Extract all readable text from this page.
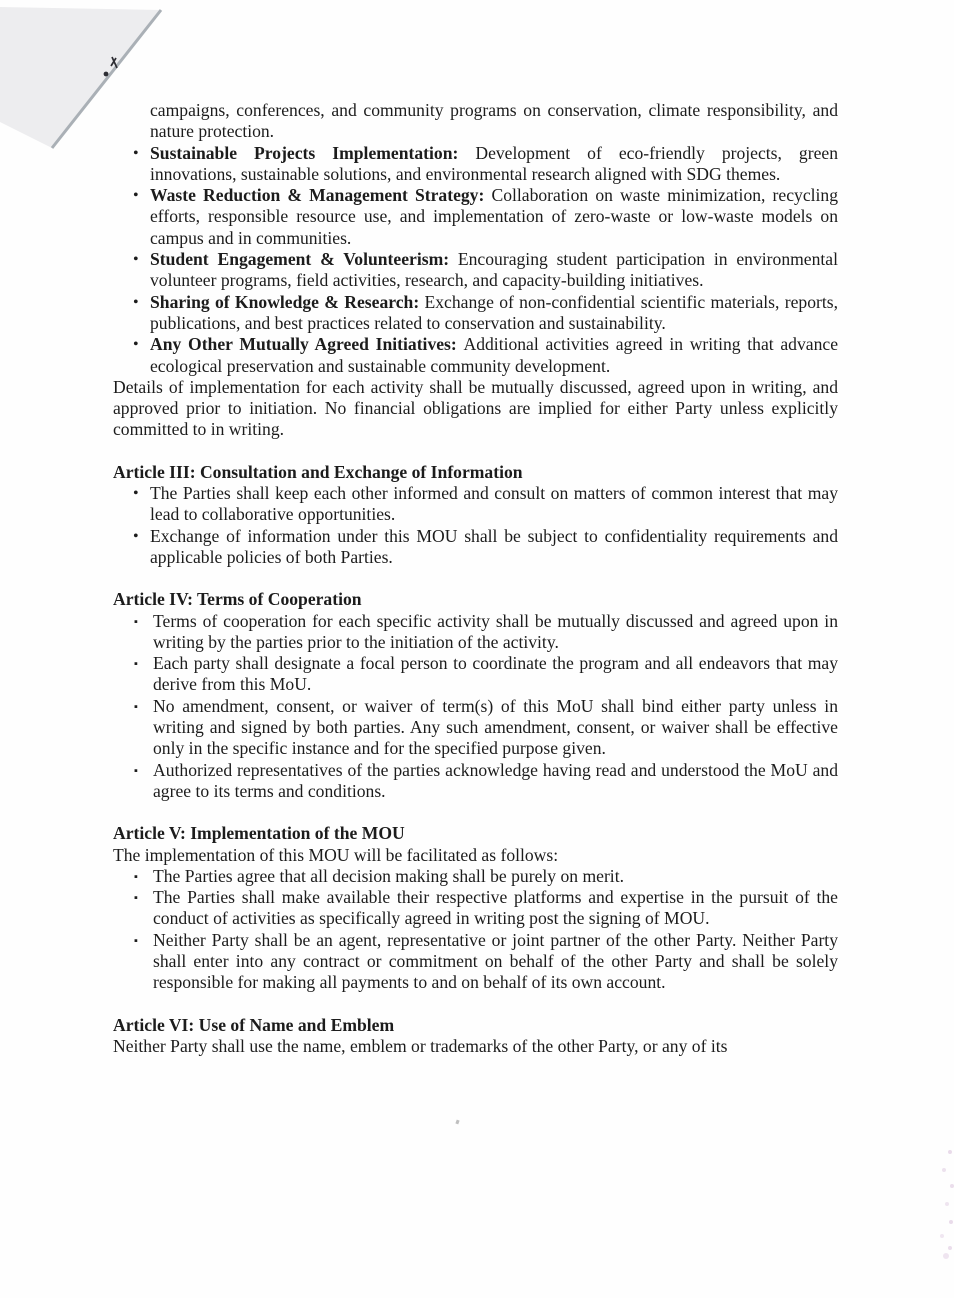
campaigns, conferences, and community programs on conservation, climate responsibility, and nature protection.

• Sustainable Projects Implementation: Development of eco-friendly projects, green innovations, sustainable solutions, and environmental research aligned with SDG themes.
• Waste Reduction & Management Strategy: Collaboration on waste minimization, recycling efforts, responsible resource use, and implementation of zero-waste or low-waste models on campus and in communities.
• Student Engagement & Volunteerism: Encouraging student participation in environmental volunteer programs, field activities, research, and capacity-building initiatives.
• Sharing of Knowledge & Research: Exchange of non-confidential scientific materials, reports, publications, and best practices related to conservation and sustainability.
• Any Other Mutually Agreed Initiatives: Additional activities agreed in writing that advance ecological preservation and sustainable community development.

Details of implementation for each activity shall be mutually discussed, agreed upon in writing, and approved prior to initiation. No financial obligations are implied for either Party unless explicitly committed to in writing.

Article III: Consultation and Exchange of Information
• The Parties shall keep each other informed and consult on matters of common interest that may lead to collaborative opportunities.
• Exchange of information under this MOU shall be subject to confidentiality requirements and applicable policies of both Parties.
Article IV: Terms of Cooperation
▪ Terms of cooperation for each specific activity shall be mutually discussed and agreed upon in writing by the parties prior to the initiation of the activity.
▪ Each party shall designate a focal person to coordinate the program and all endeavors that may derive from this MoU.
▪ No amendment, consent, or waiver of term(s) of this MoU shall bind either party unless in writing and signed by both parties. Any such amendment, consent, or waiver shall be effective only in the specific instance and for the specified purpose given.
▪ Authorized representatives of the parties acknowledge having read and understood the MoU and agree to its terms and conditions.
Article V: Implementation of the MOU

The implementation of this MOU will be facilitated as follows:

▪ The Parties agree that all decision making shall be purely on merit.
▪ The Parties shall make available their respective platforms and expertise in the pursuit of the conduct of activities as specifically agreed in writing post the signing of MOU.
▪ Neither Party shall be an agent, representative or joint partner of the other Party. Neither Party shall enter into any contract or commitment on behalf of the other Party and shall be solely responsible for making all payments to and on behalf of its own account.
Article VI: Use of Name and Emblem

Neither Party shall use the name, emblem or trademarks of the other Party, or any of its
